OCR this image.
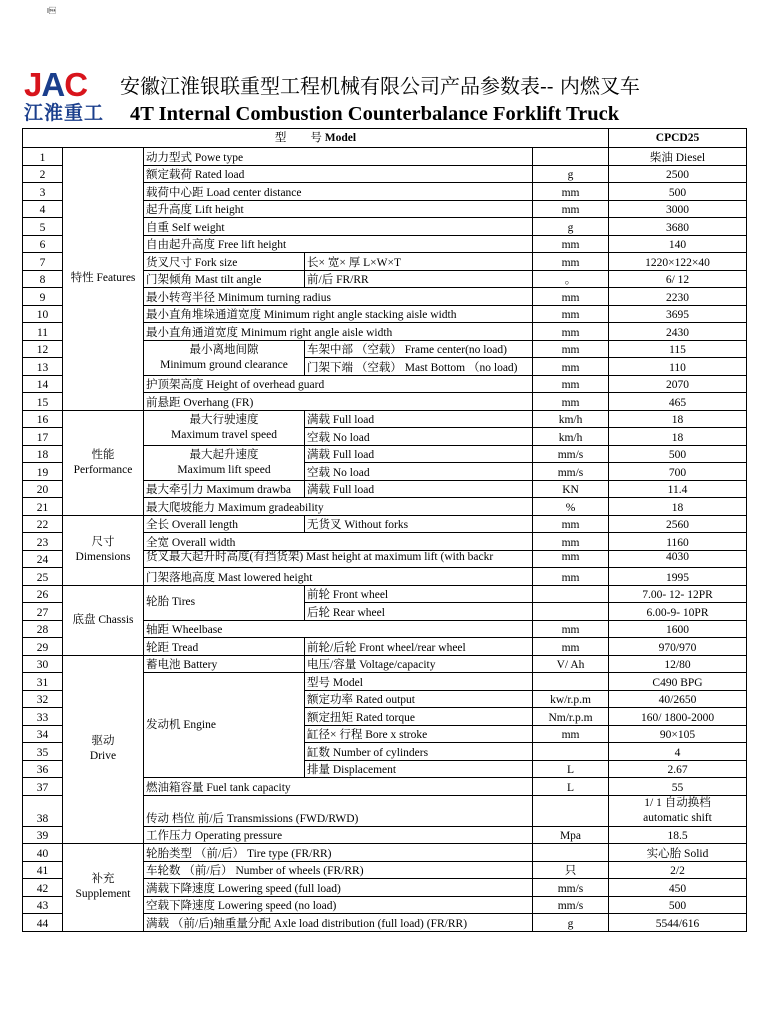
I
J A C
江淮重工
安徽江淮银联重型工程机械有限公司产品参数表-- 内燃叉车
4T Internal Combustion Counterbalance Forklift Truck
型 号 Model					CPCD25
1	特性 Features	动力型式 Powe type			柴油 Diesel
2		额定载荷 Rated load		g	2500
3		载荷中心距 Load center distance		mm	500
4		起升高度 Lift height		mm	3000
5		自重 Self weight		g	3680
6		自由起升高度 Free lift height		mm	140
7		货叉尺寸 Fork size	长× 宽× 厚 L×W×T	mm	1220×122×40
8		门架倾角 Mast tilt angle	前/后 FR/RR	。	6/ 12
9		最小转弯半径 Minimum turning radius		mm	2230
10		最小直角堆垛通道宽度 Minimum right angle stacking aisle width		mm	3695
11		最小直角通道宽度 Minimum right angle aisle width		mm	2430
12		最小离地间隙
Minimum ground clearance	车架中部 （空载） Frame center(no load)	mm	115
13			门架下端 （空载） Mast Bottom （no load)	mm	110
14		护顶架高度 Height of overhead guard		mm	2070
15		前悬距 Overhang (FR)		mm	465
16	性能
Performance	最大行驶速度
Maximum travel speed	满载 Full load	km/h	18
17			空载 No load	km/h	18
18		最大起升速度
Maximum lift speed	满载 Full load	mm/s	500
19			空载 No load	mm/s	700
20		最大牵引力 Maximum drawba	满载 Full load	KN	11.4
21		最大爬坡能力 Maximum gradeability		%	18
22	尺寸
Dimensions	全长 Overall length	无货叉 Without forks	mm	2560
23		全宽 Overall width		mm	1160
24		货叉最大起升时高度(有挡货架) Mast height at maximum lift (with backr		mm	4030
25		门架落地高度 Mast lowered height		mm	1995
26	底盘 Chassis	轮胎 Tires	前轮 Front wheel		7.00- 12- 12PR
27			后轮 Rear wheel		6.00-9- 10PR
28		轴距 Wheelbase		mm	1600
29		轮距 Tread	前轮/后轮 Front wheel/rear wheel	mm	970/970
30	驱动
Drive	蓄电池 Battery	电压/容量 Voltage/capacity	V/ Ah	12/80
31		发动机 Engine	型号 Model		C490 BPG
32			额定功率 Rated output	kw/r.p.m	40/2650
33			额定扭矩 Rated torque	Nm/r.p.m	160/ 1800-2000
34			缸径× 行程 Bore x stroke	mm	90×105
35			缸数 Number of cylinders		4
36			排量 Displacement	L	2.67
37		燃油箱容量 Fuel tank capacity		L	55
38		传动 档位 前/后 Transmissions (FWD/RWD)			1/ 1 自动换档
automatic shift
39		工作压力 Operating pressure		Mpa	18.5
40	补充
Supplement	轮胎类型 （前/后） Tire type (FR/RR)			实心胎 Solid
41		车轮数 （前/后） Number of wheels (FR/RR)		只	2/2
42		满载下降速度 Lowering speed (full load)		mm/s	450
43		空载下降速度 Lowering speed (no load)		mm/s	500
44		满载 （前/后)轴重量分配 Axle load distribution (full load) (FR/RR)		g	5544/616
